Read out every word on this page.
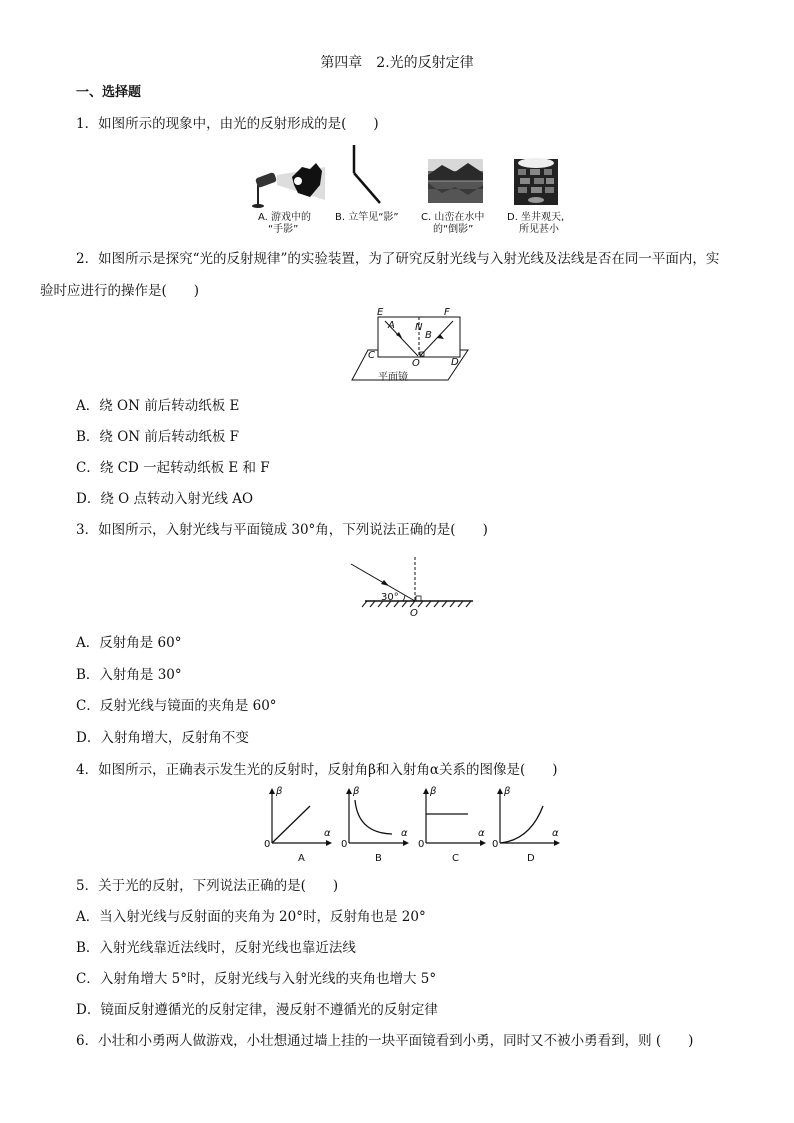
第四章　2.光的反射定律
一、选择题
1．如图所示的现象中，由光的反射形成的是(　　)
A. 游戏中的
“手影”
B. 立竿见“影” C. 山峦在水中
的“倒影”
D. 坐井观天,
所见甚小
2．如图所示是探究“光的反射规律”的实验装置，为了研究反射光线与入射光线及法线是否在同一平面内，实
验时应进行的操作是(　　)
E	F
A N
B
C
O	D
平面镜
A．绕 ON 前后转动纸板 E
B．绕 ON 前后转动纸板 F
C．绕 CD 一起转动纸板 E 和 F
D．绕 O 点转动入射光线 AO
3．如图所示，入射光线与平面镜成 30°角，下列说法正确的是(　　)
30°
O
A．反射角是 60°
B．入射角是 30°
C．反射光线与镜面的夹角是 60°
D．入射角增大，反射角不变
4．如图所示，正确表示发生光的反射时，反射角β和入射角α关系的图像是(　　)
β
α
0
A
β
α
0
B
β
α
0
C
β
α
0
D
5．关于光的反射，下列说法正确的是(　　)
A．当入射光线与反射面的夹角为 20°时，反射角也是 20°
B．入射光线靠近法线时，反射光线也靠近法线
C．入射角增大 5°时，反射光线与入射光线的夹角也增大 5°
D．镜面反射遵循光的反射定律，漫反射不遵循光的反射定律
6．小壮和小勇两人做游戏，小壮想通过墙上挂的一块平面镜看到小勇，同时又不被小勇看到，则 (　　)
